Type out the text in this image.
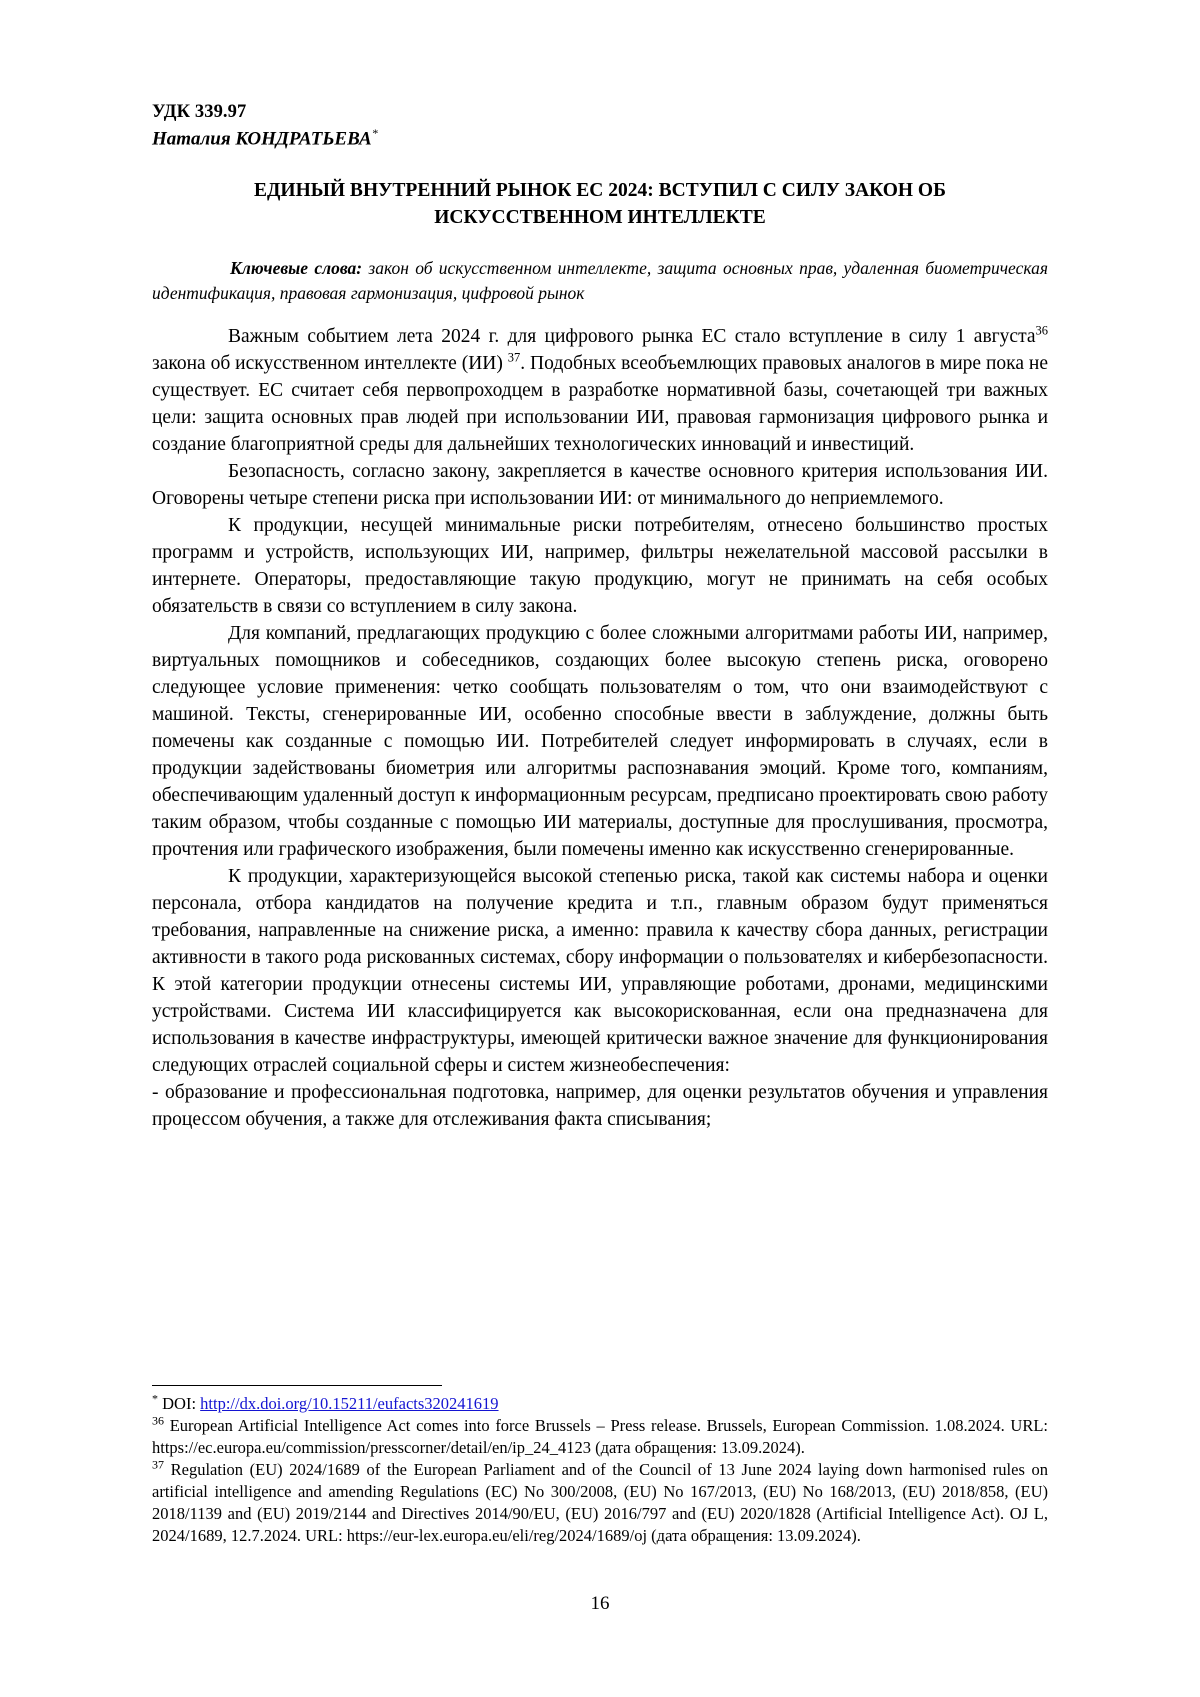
УДК 339.97
Наталия КОНДРАТЬЕВА*
ЕДИНЫЙ ВНУТРЕННИЙ РЫНОК ЕС 2024: ВСТУПИЛ С СИЛУ ЗАКОН ОБ ИСКУССТВЕННОМ ИНТЕЛЛЕКТЕ
Ключевые слова: закон об искусственном интеллекте, защита основных прав, удаленная биометрическая идентификация, правовая гармонизация, цифровой рынок

Важным событием лета 2024 г. для цифрового рынка ЕС стало вступление в силу 1 августа$^{36}$ закона об искусственном интеллекте (ИИ) $^{37}$. Подобных всеобъемлющих правовых аналогов в мире пока не существует. ЕС считает себя первопроходцем в разработке нормативной базы, сочетающей три важных цели: защита основных прав людей при использовании ИИ, правовая гармонизация цифрового рынка и создание благоприятной среды для дальнейших технологических инноваций и инвестиций.

Безопасность, согласно закону, закрепляется в качестве основного критерия использования ИИ. Оговорены четыре степени риска при использовании ИИ: от минимального до неприемлемого.

К продукции, несущей минимальные риски потребителям, отнесено большинство простых программ и устройств, использующих ИИ, например, фильтры нежелательной массовой рассылки в интернете. Операторы, предоставляющие такую продукцию, могут не принимать на себя особых обязательств в связи со вступлением в силу закона.

Для компаний, предлагающих продукцию с более сложными алгоритмами работы ИИ, например, виртуальных помощников и собеседников, создающих более высокую степень риска, оговорено следующее условие применения: четко сообщать пользователям о том, что они взаимодействуют с машиной. Тексты, сгенерированные ИИ, особенно способные ввести в заблуждение, должны быть помечены как созданные с помощью ИИ. Потребителей следует информировать в случаях, если в продукции задействованы биометрия или алгоритмы распознавания эмоций. Кроме того, компаниям, обеспечивающим удаленный доступ к информационным ресурсам, предписано проектировать свою работу таким образом, чтобы созданные с помощью ИИ материалы, доступные для прослушивания, просмотра, прочтения или графического изображения, были помечены именно как искусственно сгенерированные.

К продукции, характеризующейся высокой степенью риска, такой как системы набора и оценки персонала, отбора кандидатов на получение кредита и т.п., главным образом будут применяться требования, направленные на снижение риска, а именно: правила к качеству сбора данных, регистрации активности в такого рода рискованных системах, сбору информации о пользователях и кибербезопасности. К этой категории продукции отнесены системы ИИ, управляющие роботами, дронами, медицинскими устройствами. Система ИИ классифицируется как высокорискованная, если она предназначена для использования в качестве инфраструктуры, имеющей критически важное значение для функционирования следующих отраслей социальной сферы и систем жизнеобеспечения:

- образование и профессиональная подготовка, например, для оценки результатов обучения и управления процессом обучения, а также для отслеживания факта списывания;

* DOI: http://dx.doi.org/10.15211/eufacts320241619

$^{36}$ European Artificial Intelligence Act comes into force Brussels – Press release. Brussels, European Commission. 1.08.2024. URL: https://ec.europa.eu/commission/presscorner/detail/en/ip_24_4123 (дата обращения: 13.09.2024).

$^{37}$ Regulation (EU) 2024/1689 of the European Parliament and of the Council of 13 June 2024 laying down harmonised rules on artificial intelligence and amending Regulations (EC) No 300/2008, (EU) No 167/2013, (EU) No 168/2013, (EU) 2018/858, (EU) 2018/1139 and (EU) 2019/2144 and Directives 2014/90/EU, (EU) 2016/797 and (EU) 2020/1828 (Artificial Intelligence Act). OJ L, 2024/1689, 12.7.2024. URL: https://eur-lex.europa.eu/eli/reg/2024/1689/oj (дата обращения: 13.09.2024).

16
